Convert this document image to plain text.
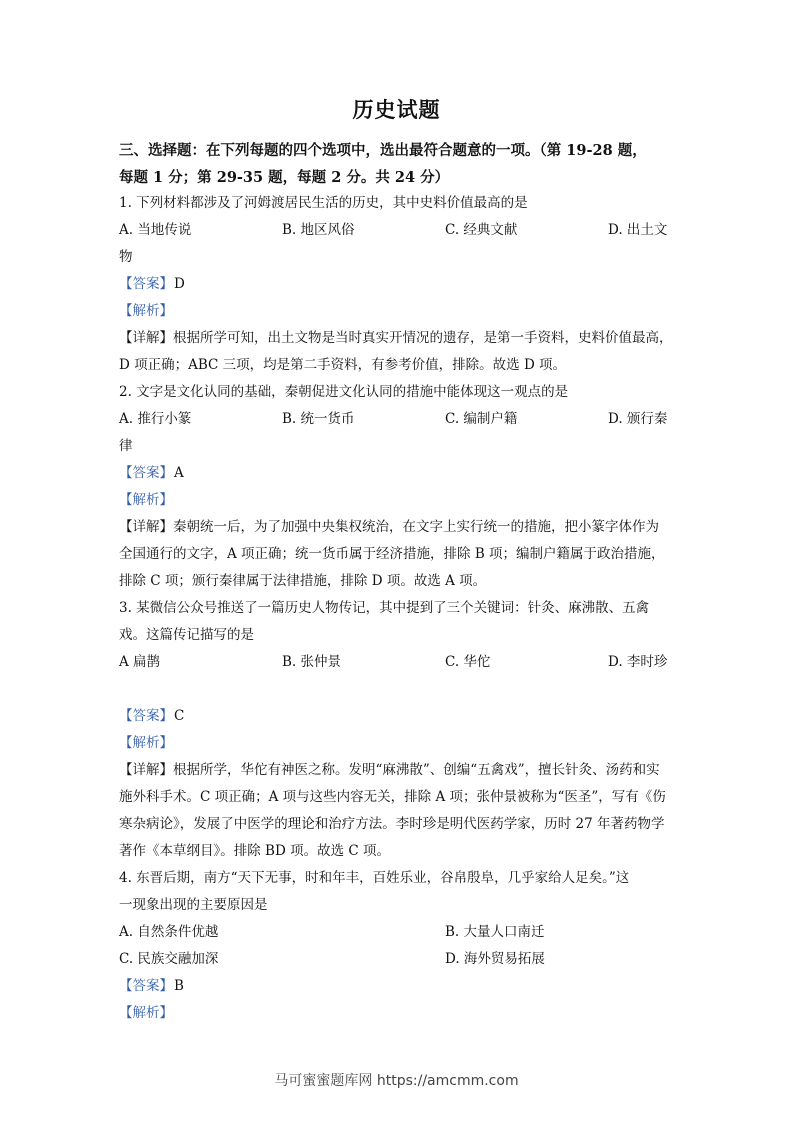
历史试题
三、选择题：在下列每题的四个选项中，选出最符合题意的一项。（第 19-28 题，
每题 1 分；第 29-35 题，每题 2 分。共 24 分）
1. 下列材料都涉及了河姆渡居民生活的历史，其中史料价值最高的是
A. 当地传说	B. 地区风俗	C. 经典文献	D. 出土文
物
【答案】D
【解析】
【详解】根据所学可知，出土文物是当时真实开情况的遗存，是第一手资料，史料价值最高，
D 项正确；ABC 三项，均是第二手资料，有参考价值，排除。故选 D 项。
2. 文字是文化认同的基础，秦朝促进文化认同的措施中能体现这一观点的是
A. 推行小篆	B. 统一货币	C. 编制户籍	D. 颁行秦
律
【答案】A
【解析】
【详解】秦朝统一后，为了加强中央集权统治，在文字上实行统一的措施，把小篆字体作为
全国通行的文字，A 项正确；统一货币属于经济措施，排除 B 项；编制户籍属于政治措施，
排除 C 项；颁行秦律属于法律措施，排除 D 项。故选 A 项。
3. 某微信公众号推送了一篇历史人物传记，其中提到了三个关键词：针灸、麻沸散、五禽
戏。这篇传记描写的是
A 扁鹊	B. 张仲景	C. 华佗	D. 李时珍
【答案】C
【解析】
【详解】根据所学，华佗有神医之称。发明“麻沸散”、创编“五禽戏”，擅长针灸、汤药和实
施外科手术。C 项正确；A 项与这些内容无关，排除 A 项；张仲景被称为“医圣”，写有《伤
寒杂病论》，发展了中医学的理论和治疗方法。李时珍是明代医药学家，历时 27 年著药物学
著作《本草纲目》。排除 BD 项。故选 C 项。
4. 东晋后期，南方“天下无事，时和年丰，百姓乐业，谷帛殷阜，几乎家给人足矣。”这
一现象出现的主要原因是
A. 自然条件优越	B. 大量人口南迁
C. 民族交融加深	D. 海外贸易拓展
【答案】B
【解析】
马可蜜蜜题库网 https://amcmm.com
